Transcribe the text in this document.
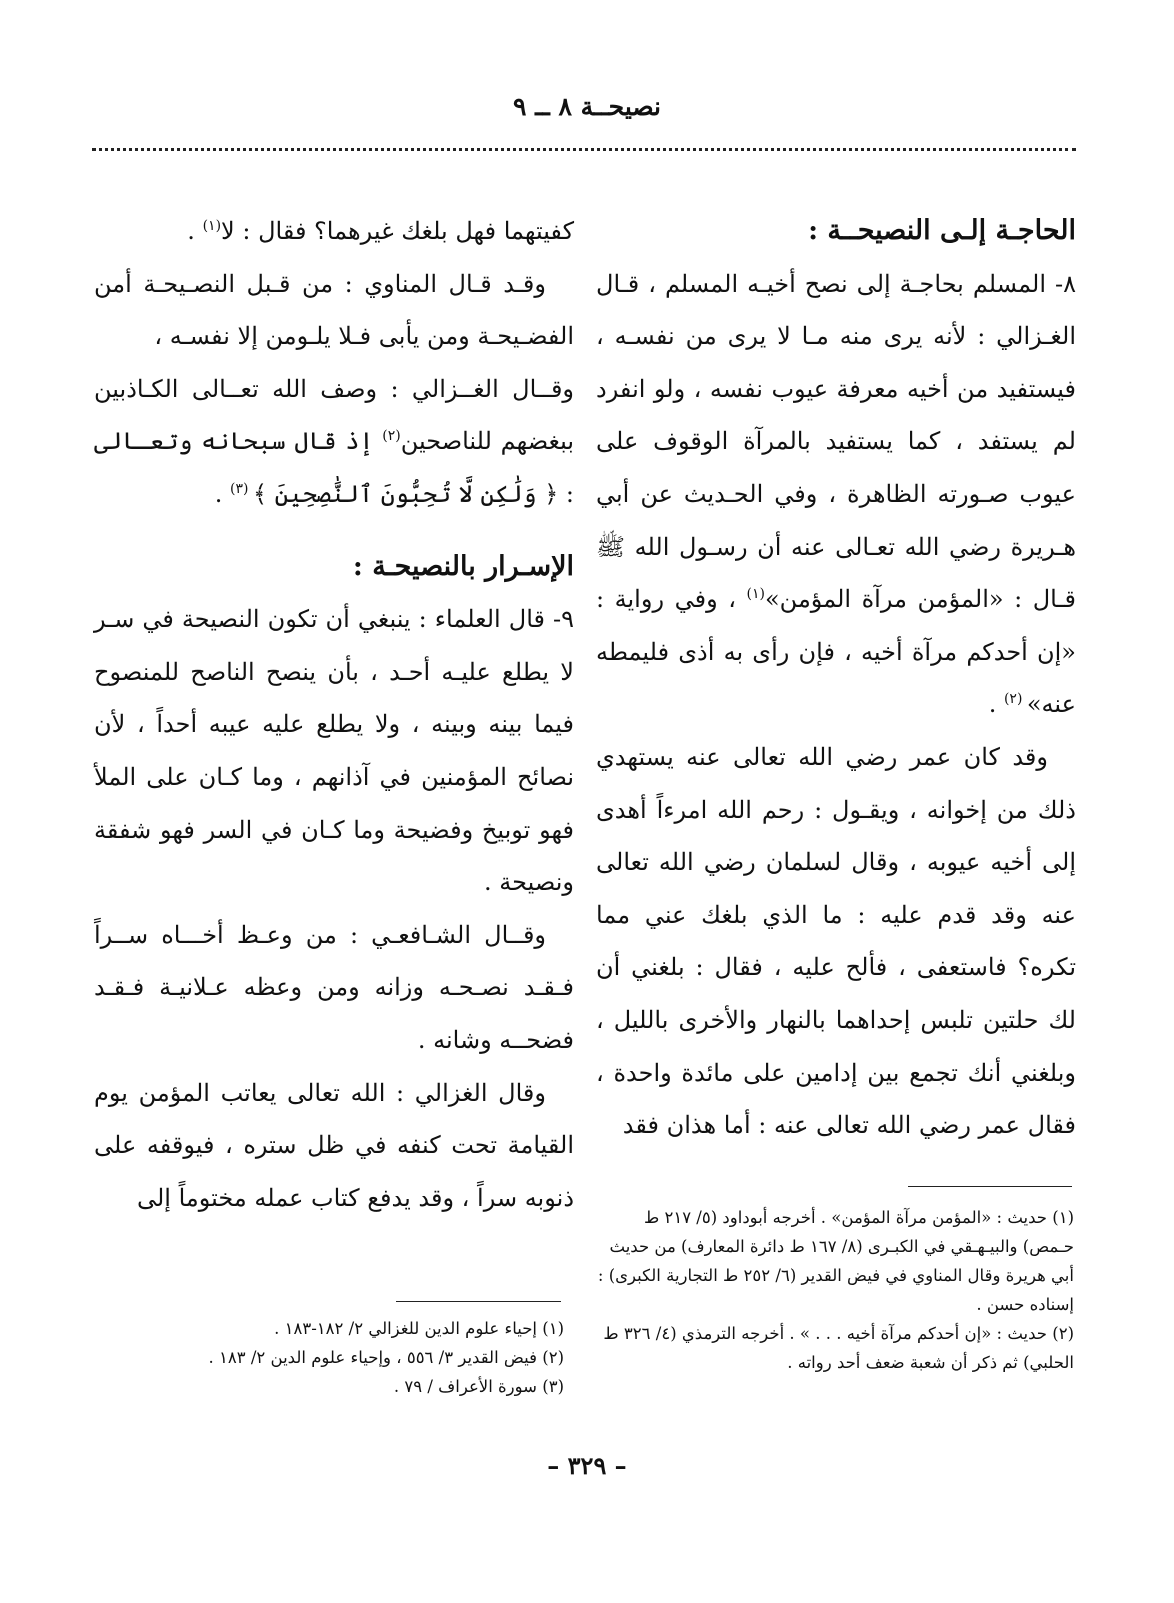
نصيحــة ٨ ــ ٩
الحاجـة إلـى النصيحــة :

٨- المسلم بحاجـة إلى نصح أخيـه المسلم ، قـال الغـزالي : لأنه يرى منه مـا لا يرى من نفسـه ، فيستفيد من أخيه معرفة عيوب نفسه ، ولو انفرد لم يستفد ، كما يستفيد بالمرآة الوقوف على عيوب صـورته الظاهرة ، وفي الحـديث عن أبي هـريرة رضي الله تعـالى عنه أن رسـول الله ﷺ قـال : «المؤمن مرآة المؤمن»$^{(١)}$ ، وفي رواية : «إن أحدكم مرآة أخيه ، فإن رأى به أذى فليمطه عنه» $^{(٢)}$ .

وقد كان عمر رضي الله تعالى عنه يستهدي ذلك من إخوانه ، ويقـول : رحم الله امرءاً أهدى إلى أخيه عيوبه ، وقال لسلمان رضي الله تعالى عنه وقد قدم عليه : ما الذي بلغك عني مما تكره؟ فاستعفى ، فألح عليه ، فقال : بلغني أن لك حلتين تلبس إحداهما بالنهار والأخرى بالليل ، وبلغني أنك تجمع بين إدامين على مائدة واحدة ، فقال عمر رضي الله تعالى عنه : أما هذان فقد

كفيتهما فهل بلغك غيرهما؟ فقال : لا$^{(١)}$ .

وقـد قـال المناوي : من قـبل النصـيحـة أمن الفضـيحـة ومن يأبى فـلا يلـومن إلا نفسـه ،

وقــال الغــزالي : وصف الله تعــالى الكـاذبين ببغضهم للناصحين$^{(٢)}$ إذ قال سبحانه وتعـالى : ﴿ وَلَٰكِن لَّا تُحِبُّونَ ٱلنَّٰصِحِينَ ﴾ $^{(٣)}$ .

الإسـرار بالنصيحـة :

٩- قال العلماء : ينبغي أن تكون النصيحة في سـر لا يطلع عليـه أحـد ، بأن ينصح الناصح للمنصوح فيما بينه وبينه ، ولا يطلع عليه عيبه أحداً ، لأن نصائح المؤمنين في آذانهم ، وما كـان على الملأ فهو توبيخ وفضيحة وما كـان في السر فهو شفقة ونصيحة .

وقــال الشـافعـي : من وعـظ أخـــاه ســراً فـقـد نصـحـه وزانه ومن وعظه عـلانيـة فـقـد فضحــه وشانه .

وقال الغزالي : الله تعالى يعاتب المؤمن يوم القيامة تحت كنفه في ظل ستره ، فيوقفه على ذنوبه سراً ، وقد يدفع كتاب عمله مختوماً إلى

(١) حديث : «المؤمن مرآة المؤمن» . أخرجه أبوداود (٥/ ٢١٧ ط حـمص) والبيـهـقي في الكبـرى (٨/ ١٦٧ ط دائرة المعارف) من حديث أبي هريرة وقال المناوي في فيض القدير (٦/ ٢٥٢ ط التجارية الكبرى) : إسناده حسن .

(٢) حديث : «إن أحدكم مرآة أخيه . . . » . أخرجه الترمذي (٤/ ٣٢٦ ط الحلبي) ثم ذكر أن شعبة ضعف أحد رواته .

(١) إحياء علوم الدين للغزالي ٢/ ١٨٢-١٨٣ .

(٢) فيض القدير ٣/ ٥٥٦ ، وإحياء علوم الدين ٢/ ١٨٣ .

(٣) سورة الأعراف / ٧٩ .

– ٣٢٩ –
